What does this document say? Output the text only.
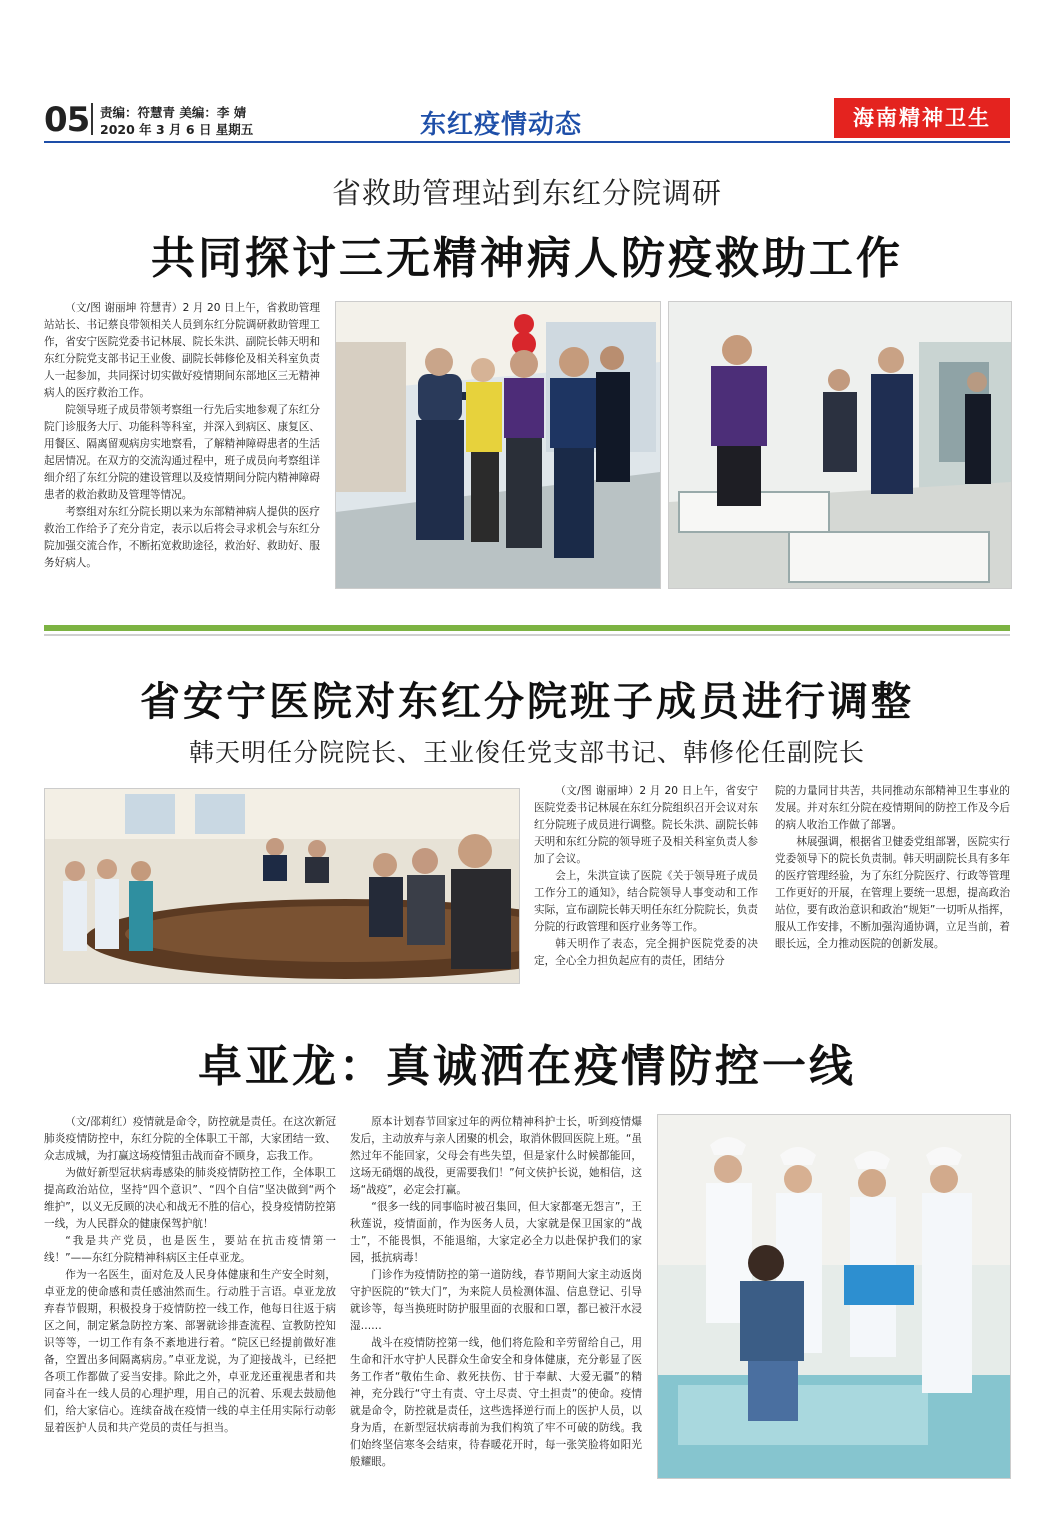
05 责编：符慧青 美编：李 婧
2020 年 3 月 6 日 星期五	东红疫情动态	海南精神卫生
省救助管理站到东红分院调研
共同探讨三无精神病人防疫救助工作

（文/图 谢丽坤 符慧青）2 月 20 日上午，省救助管理站站长、书记蔡良带领相关人员到东红分院调研救助管理工作，省安宁医院党委书记林展、院长朱洪、副院长韩天明和东红分院党支部书记王业俊、副院长韩修伦及相关科室负责人一起参加，共同探讨切实做好疫情期间东部地区三无精神病人的医疗救治工作。

院领导班子成员带领考察组一行先后实地参观了东红分院门诊服务大厅、功能科等科室，并深入到病区、康复区、用餐区、隔离留观病房实地察看，了解精神障碍患者的生活起居情况。在双方的交流沟通过程中，班子成员向考察组详细介绍了东红分院的建设管理以及疫情期间分院内精神障碍患者的救治救助及管理等情况。

考察组对东红分院长期以来为东部精神病人提供的医疗救治工作给予了充分肯定，表示以后将会寻求机会与东红分院加强交流合作，不断拓宽救助途径，救治好、救助好、服务好病人。

省安宁医院对东红分院班子成员进行调整
韩天明任分院院长、王业俊任党支部书记、韩修伦任副院长

（文/图 谢丽坤）2 月 20 日上午，省安宁医院党委书记林展在东红分院组织召开会议对东红分院班子成员进行调整。院长朱洪、副院长韩天明和东红分院的领导班子及相关科室负责人参加了会议。

会上，朱洪宣读了医院《关于领导班子成员工作分工的通知》，结合院领导人事变动和工作实际，宣布副院长韩天明任东红分院院长，负责分院的行政管理和医疗业务等工作。

韩天明作了表态，完全拥护医院党委的决定，全心全力担负起应有的责任，团结分

院的力量同甘共苦，共同推动东部精神卫生事业的发展。并对东红分院在疫情期间的防控工作及今后的病人收治工作做了部署。

林展强调，根据省卫健委党组部署，医院实行党委领导下的院长负责制。韩天明副院长具有多年的医疗管理经验，为了东红分院医疗、行政等管理工作更好的开展，在管理上要统一思想，提高政治站位，要有政治意识和政治“规矩”一切听从指挥，服从工作安排，不断加强沟通协调，立足当前，着眼长远，全力推动医院的创新发展。

卓亚龙：真诚洒在疫情防控一线

（文/邵莉红）疫情就是命令，防控就是责任。在这次新冠肺炎疫情防控中，东红分院的全体职工干部，大家团结一致、众志成城，为打赢这场疫情狙击战而奋不顾身，忘我工作。

为做好新型冠状病毒感染的肺炎疫情防控工作，全体职工提高政治站位，坚持“四个意识”、“四个自信”坚决做到“两个维护”，以义无反顾的决心和战无不胜的信心，投身疫情防控第一线，为人民群众的健康保驾护航！

“我是共产党员，也是医生，要站在抗击疫情第一线！”——东红分院精神科病区主任卓亚龙。

作为一名医生，面对危及人民身体健康和生产安全时刻，卓亚龙的使命感和责任感油然而生。行动胜于言语。卓亚龙放弃春节假期，积极投身于疫情防控一线工作，他每日往返于病区之间，制定紧急防控方案、部署就诊排查流程、宣教防控知识等等，一切工作有条不紊地进行着。“院区已经提前做好准备，空置出多间隔离病房。”卓亚龙说，为了迎接战斗，已经把各项工作都做了妥当安排。除此之外，卓亚龙还重视患者和共同奋斗在一线人员的心理护理，用自己的沉着、乐观去鼓励他们，给大家信心。连续奋战在疫情一线的卓主任用实际行动彰显着医护人员和共产党员的责任与担当。

原本计划春节回家过年的两位精神科护士长，听到疫情爆发后，主动放弃与亲人团聚的机会，取消休假回医院上班。“虽然过年不能回家，父母会有些失望，但是家什么时候都能回，这场无硝烟的战役，更需要我们！”何文侠护长说，她相信，这场“战疫”，必定会打赢。

“很多一线的同事临时被召集回，但大家都毫无怨言”，王秋莲说，疫情面前，作为医务人员，大家就是保卫国家的“战士”，不能畏惧，不能退缩，大家定必全力以赴保护我们的家园，抵抗病毒！

门诊作为疫情防控的第一道防线，春节期间大家主动返岗守护医院的“铁大门”，为来院人员检测体温、信息登记、引导就诊等，每当换班时防护服里面的衣服和口罩，都已被汗水浸湿……

战斗在疫情防控第一线，他们将危险和辛劳留给自己，用生命和汗水守护人民群众生命安全和身体健康，充分彰显了医务工作者“敬佑生命、救死扶伤、甘于奉献、大爱无疆”的精神，充分践行“守土有责、守土尽责、守土担责”的使命。疫情就是命令，防控就是责任，这些选择逆行而上的医护人员，以身为盾，在新型冠状病毒前为我们构筑了牢不可破的防线。我们始终坚信寒冬会结束，待春暖花开时，每一张笑脸将如阳光般耀眼。
